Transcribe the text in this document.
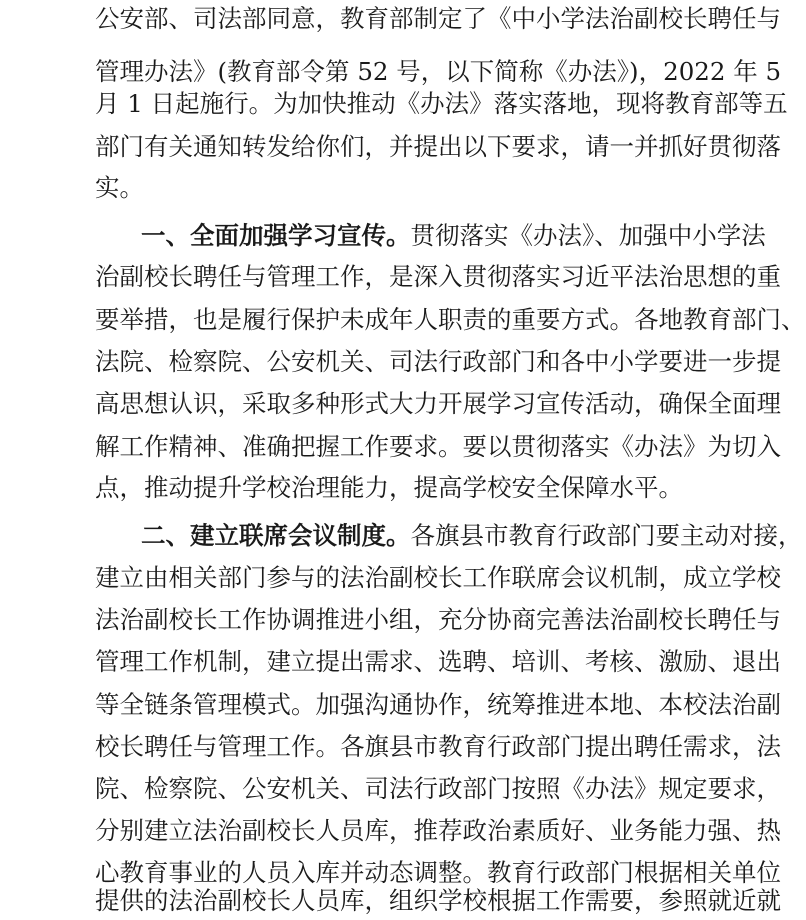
公安部、司法部同意，教育部制定了《中小学法治副校长聘任与
管理办法》(教育部令第 52 号，以下简称《办法》)，2022 年 5
月 1 日起施行。为加快推动《办法》落实落地，现将教育部等五
部门有关通知转发给你们，并提出以下要求，请一并抓好贯彻落
实。
一、全面加强学习宣传。贯彻落实《办法》、加强中小学法
治副校长聘任与管理工作，是深入贯彻落实习近平法治思想的重
要举措，也是履行保护未成年人职责的重要方式。各地教育部门、
法院、检察院、公安机关、司法行政部门和各中小学要进一步提
高思想认识，采取多种形式大力开展学习宣传活动，确保全面理
解工作精神、准确把握工作要求。要以贯彻落实《办法》为切入
点，推动提升学校治理能力，提高学校安全保障水平。
二、建立联席会议制度。各旗县市教育行政部门要主动对接，
建立由相关部门参与的法治副校长工作联席会议机制，成立学校
法治副校长工作协调推进小组，充分协商完善法治副校长聘任与
管理工作机制，建立提出需求、选聘、培训、考核、激励、退出
等全链条管理模式。加强沟通协作，统筹推进本地、本校法治副
校长聘任与管理工作。各旗县市教育行政部门提出聘任需求，法
院、检察院、公安机关、司法行政部门按照《办法》规定要求，
分别建立法治副校长人员库，推荐政治素质好、业务能力强、热
心教育事业的人员入库并动态调整。教育行政部门根据相关单位
提供的法治副校长人员库，组织学校根据工作需要，参照就近就
